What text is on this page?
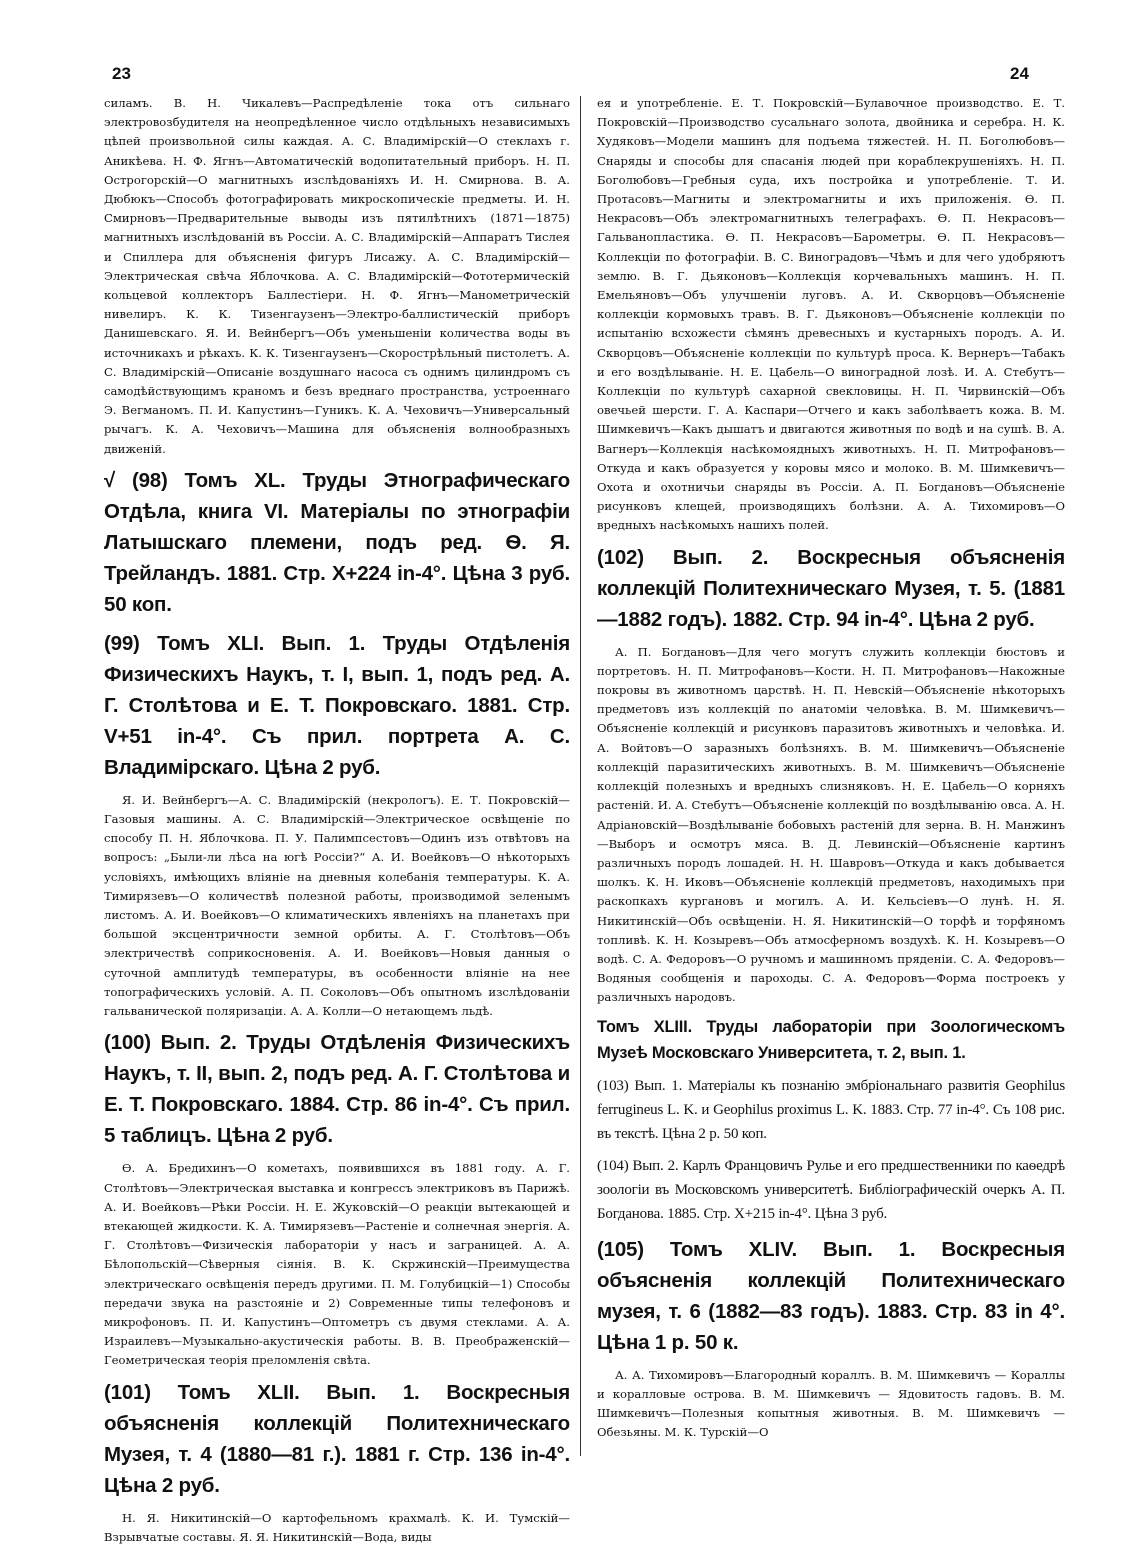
23	24

силамъ. В. Н. Чикалевъ—Распредѣленіе тока отъ сильнаго электровозбудителя на неопредѣленное число отдѣльныхъ независимыхъ цѣпей произвольной силы каждая. А. С. Владимірскій—О стеклахъ г. Аникѣева. Н. Ф. Ягнъ—Автоматическій водопитательный приборъ. Н. П. Острогорскій—О магнитныхъ изслѣдованіяхъ И. Н. Смирнова. В. А. Дюбюкъ—Способъ фотографировать микроскопическіе предметы. И. Н. Смирновъ—Предварительные выводы изъ пятилѣтнихъ (1871—1875) магнитныхъ изслѣдованій въ Россіи. А. С. Владимірскій—Аппаратъ Тислея и Спиллера для объясненія фигуръ Лисажу. А. С. Владимірскій—Электрическая свѣча Яблочкова. А. С. Владимірскій—Фототермическій кольцевой коллекторъ Баллестіери. Н. Ф. Ягнъ—Манометрическій нивелиръ. К. К. Тизенгаузенъ—Электро-баллистическій приборъ Данишевскаго. Я. И. Вейнбергъ—Объ уменьшеніи количества воды въ источникахъ и рѣкахъ. К. К. Тизенгаузенъ—Скорострѣльный пистолетъ. А. С. Владимірскій—Описаніе воздушнаго насоса съ однимъ цилиндромъ съ самодѣйствующимъ краномъ и безъ вреднаго пространства, устроеннаго Э. Вегманомъ. П. И. Капустинъ—Гуникъ. К. А. Чеховичъ—Универсальный рычагъ. К. А. Чеховичъ—Машина для объясненія волнообразныхъ движеній.

√ (98) Томъ XL. Труды Этнографическаго Отдѣла, книга VI. Матеріалы по этнографіи Латышскаго племени, подъ ред. Ѳ. Я. Трейландъ. 1881. Стр. X+224 in-4°. Цѣна 3 руб. 50 коп.
(99) Томъ XLI. Вып. 1. Труды Отдѣленія Физическихъ Наукъ, т. I, вып. 1, подъ ред. А. Г. Столѣтова и Е. Т. Покровскаго. 1881. Стр. V+51 in-4°. Съ прил. портрета А. С. Владимірскаго. Цѣна 2 руб.

Я. И. Вейнбергъ—А. С. Владимірскій (некрологъ). Е. Т. Покровскій—Газовыя машины. А. С. Владимірскій—Электрическое освѣщеніе по способу П. Н. Яблочкова. П. У. Палимпсестовъ—Одинъ изъ отвѣтовъ на вопросъ: „Были-ли лѣса на югѣ Россіи?“ А. И. Воейковъ—О нѣкоторыхъ условіяхъ, имѣющихъ вліяніе на дневныя колебанія температуры. К. А. Тимирязевъ—О количествѣ полезной работы, производимой зеленымъ листомъ. А. И. Воейковъ—О климатическихъ явленіяхъ на планетахъ при большой эксцентричности земной орбиты. А. Г. Столѣтовъ—Объ электричествѣ соприкосновенія. А. И. Воейковъ—Новыя данныя о суточной амплитудѣ температуры, въ особенности вліяніе на нее топографическихъ условій. А. П. Соколовъ—Объ опытномъ изслѣдованіи гальванической поляризаціи. А. А. Колли—О нетающемъ льдѣ.

(100) Вып. 2. Труды Отдѣленія Физическихъ Наукъ, т. II, вып. 2, подъ ред. А. Г. Столѣтова и Е. Т. Покровскаго. 1884. Стр. 86 in-4°. Съ прил. 5 таблицъ. Цѣна 2 руб.

Ѳ. А. Бредихинъ—О кометахъ, появившихся въ 1881 году. А. Г. Столѣтовъ—Электрическая выставка и конгрессъ электриковъ въ Парижѣ. А. И. Воейковъ—Рѣки Россіи. Н. Е. Жуковскій—О реакціи вытекающей и втекающей жидкости. К. А. Тимирязевъ—Растеніе и солнечная энергія. А. Г. Столѣтовъ—Физическія лабораторіи у насъ и заграницей. А. А. Бѣлопольскій—Сѣверныя сіянія. В. К. Скржинскій—Преимущества электрическаго освѣщенія передъ другими. П. М. Голубицкій—1) Способы передачи звука на разстояніе и 2) Современные типы телефоновъ и микрофоновъ. П. И. Капустинъ—Оптометръ съ двумя стеклами. А. А. Израилевъ—Музыкально-акустическія работы. В. В. Преображенскій—Геометрическая теорія преломленія свѣта.

(101) Томъ XLII. Вып. 1. Воскресныя объясненія коллекцій Политехническаго Музея, т. 4 (1880—81 г.). 1881 г. Стр. 136 in-4°. Цѣна 2 руб.

Н. Я. Никитинскій—О картофельномъ крахмалѣ. К. И. Тумскій—Взрывчатые составы. Я. Я. Никитинскій—Вода, виды

ея и употребленіе. Е. Т. Покровскій—Булавочное производство. Е. Т. Покровскій—Производство сусальнаго золота, двойника и серебра. Н. К. Худяковъ—Модели машинъ для подъема тяжестей. Н. П. Боголюбовъ—Снаряды и способы для спасанія людей при кораблекрушеніяхъ. Н. П. Боголюбовъ—Гребныя суда, ихъ постройка и употребленіе. Т. И. Протасовъ—Магниты и электромагниты и ихъ приложенія. Ѳ. П. Некрасовъ—Объ электромагнитныхъ телеграфахъ. Ѳ. П. Некрасовъ—Гальванопластика. Ѳ. П. Некрасовъ—Барометры. Ѳ. П. Некрасовъ—Коллекціи по фотографіи. В. С. Виноградовъ—Чѣмъ и для чего удобряютъ землю. В. Г. Дьяконовъ—Коллекція корчевальныхъ машинъ. Н. П. Емельяновъ—Объ улучшеніи луговъ. А. И. Скворцовъ—Объясненіе коллекціи кормовыхъ травъ. В. Г. Дьяконовъ—Объясненіе коллекціи по испытанію всхожести сѣмянъ древесныхъ и кустарныхъ породъ. А. И. Скворцовъ—Объясненіе коллекціи по культурѣ проса. К. Вернеръ—Табакъ и его воздѣлываніе. Н. Е. Цабель—О виноградной лозѣ. И. А. Стебутъ—Коллекціи по культурѣ сахарной свекловицы. Н. П. Чирвинскій—Объ овечьей шерсти. Г. А. Каспари—Отчего и какъ заболѣваетъ кожа. В. М. Шимкевичъ—Какъ дышатъ и двигаются животныя по водѣ и на сушѣ. В. А. Вагнеръ—Коллекція насѣкомоядныхъ животныхъ. Н. П. Митрофановъ—Откуда и какъ образуется у коровы мясо и молоко. В. М. Шимкевичъ—Охота и охотничьи снаряды въ Россіи. А. П. Богдановъ—Объясненіе рисунковъ клещей, производящихъ болѣзни. А. А. Тихомировъ—О вредныхъ насѣкомыхъ нашихъ полей.

(102) Вып. 2. Воскресныя объясненія коллекцій Политехническаго Музея, т. 5. (1881—1882 годъ). 1882. Стр. 94 in-4°. Цѣна 2 руб.

А. П. Богдановъ—Для чего могутъ служить коллекціи бюстовъ и портретовъ. Н. П. Митрофановъ—Кости. Н. П. Митрофановъ—Накожные покровы въ животномъ царствѣ. Н. П. Невскій—Объясненіе нѣкоторыхъ предметовъ изъ коллекцій по анатоміи человѣка. В. М. Шимкевичъ—Объясненіе коллекцій и рисунковъ паразитовъ животныхъ и человѣка. И. А. Войтовъ—О заразныхъ болѣзняхъ. В. М. Шимкевичъ—Объясненіе коллекцій паразитическихъ животныхъ. В. М. Шимкевичъ—Объясненіе коллекцій полезныхъ и вредныхъ слизняковъ. Н. Е. Цабель—О корняхъ растеній. И. А. Стебутъ—Объясненіе коллекцій по воздѣлыванію овса. А. Н. Адріановскій—Воздѣлываніе бобовыхъ растеній для зерна. В. Н. Манжинъ—Выборъ и осмотръ мяса. В. Д. Левинскій—Объясненіе картинъ различныхъ породъ лошадей. Н. Н. Шавровъ—Откуда и какъ добывается шолкъ. К. Н. Иковъ—Объясненіе коллекцій предметовъ, находимыхъ при раскопкахъ кургановъ и могилъ. А. И. Кельсіевъ—О лунѣ. Н. Я. Никитинскій—Объ освѣщеніи. Н. Я. Никитинскій—О торфѣ и торфяномъ топливѣ. К. Н. Козыревъ—Объ атмосферномъ воздухѣ. К. Н. Козыревъ—О водѣ. С. А. Федоровъ—О ручномъ и машинномъ пряденіи. С. А. Федоровъ—Водяныя сообщенія и пароходы. С. А. Федоровъ—Форма построекъ у различныхъ народовъ.

Томъ XLIII. Труды лабораторіи при Зоологическомъ Музеѣ Московскаго Университета, т. 2, вып. 1.
(103) Вып. 1. Матеріалы къ познанію эмбріональнаго развитія Geophilus ferrugineus L. K. и Geophilus proximus L. K. 1883. Стр. 77 in-4°. Съ 108 рис. въ текстѣ. Цѣна 2 р. 50 коп.
(104) Вып. 2. Карлъ Францовичъ Рулье и его предшественники по каѳедрѣ зоологіи въ Московскомъ университетѣ. Библіографическій очеркъ А. П. Богданова. 1885. Стр. X+215 in-4°. Цѣна 3 руб.
(105) Томъ XLIV. Вып. 1. Воскресныя объясненія коллекцій Политехническаго музея, т. 6 (1882—83 годъ). 1883. Стр. 83 in 4°. Цѣна 1 р. 50 к.

А. А. Тихомировъ—Благородный кораллъ. В. М. Шимкевичъ — Кораллы и коралловые острова. В. М. Шимкевичъ — Ядовитость гадовъ. В. М. Шимкевичъ—Полезныя копытныя животныя. В. М. Шимкевичъ — Обезьяны. М. К. Турскій—О
